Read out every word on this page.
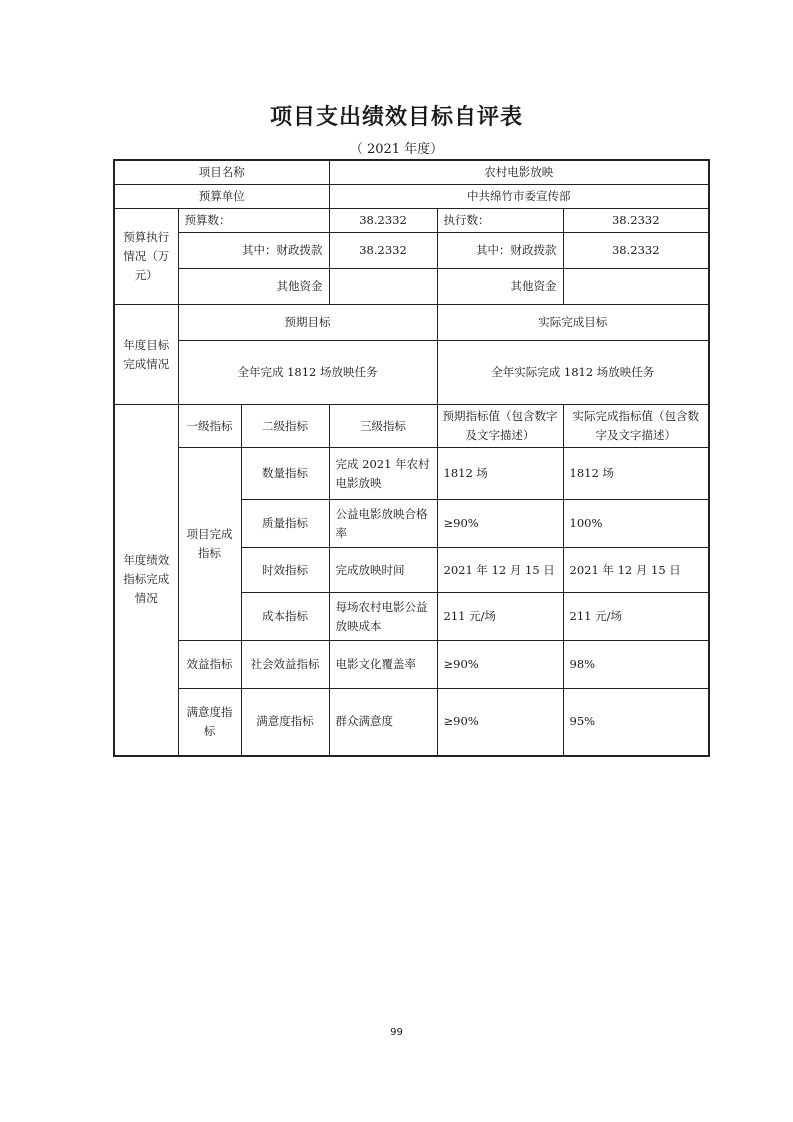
项目支出绩效目标自评表
（ 2021 年度）
项目名称			农村电影放映		
预算单位			中共绵竹市委宣传部		
预算执行情况（万元）	预算数：		38.2332	执行数：	38.2332
	其中：财政拨款		38.2332	其中：财政拨款	38.2332
	其他资金			其他资金	
年度目标完成情况	预期目标			实际完成目标	
	全年完成 1812 场放映任务			全年实际完成 1812 场放映任务	
年度绩效指标完成情况	一级指标	二级指标	三级指标	预期指标值（包含数字及文字描述）	实际完成指标值（包含数字及文字描述）
	项目完成指标	数量指标	完成 2021 年农村电影放映	1812 场	1812 场
		质量指标	公益电影放映合格率	≥90%	100%
		时效指标	完成放映时间	2021 年 12 月 15 日	2021 年 12 月 15 日
		成本指标	每场农村电影公益放映成本	211 元/场	211 元/场
	效益指标	社会效益指标	电影文化覆盖率	≥90%	98%
	满意度指标	满意度指标	群众满意度	≥90%	95%
99
